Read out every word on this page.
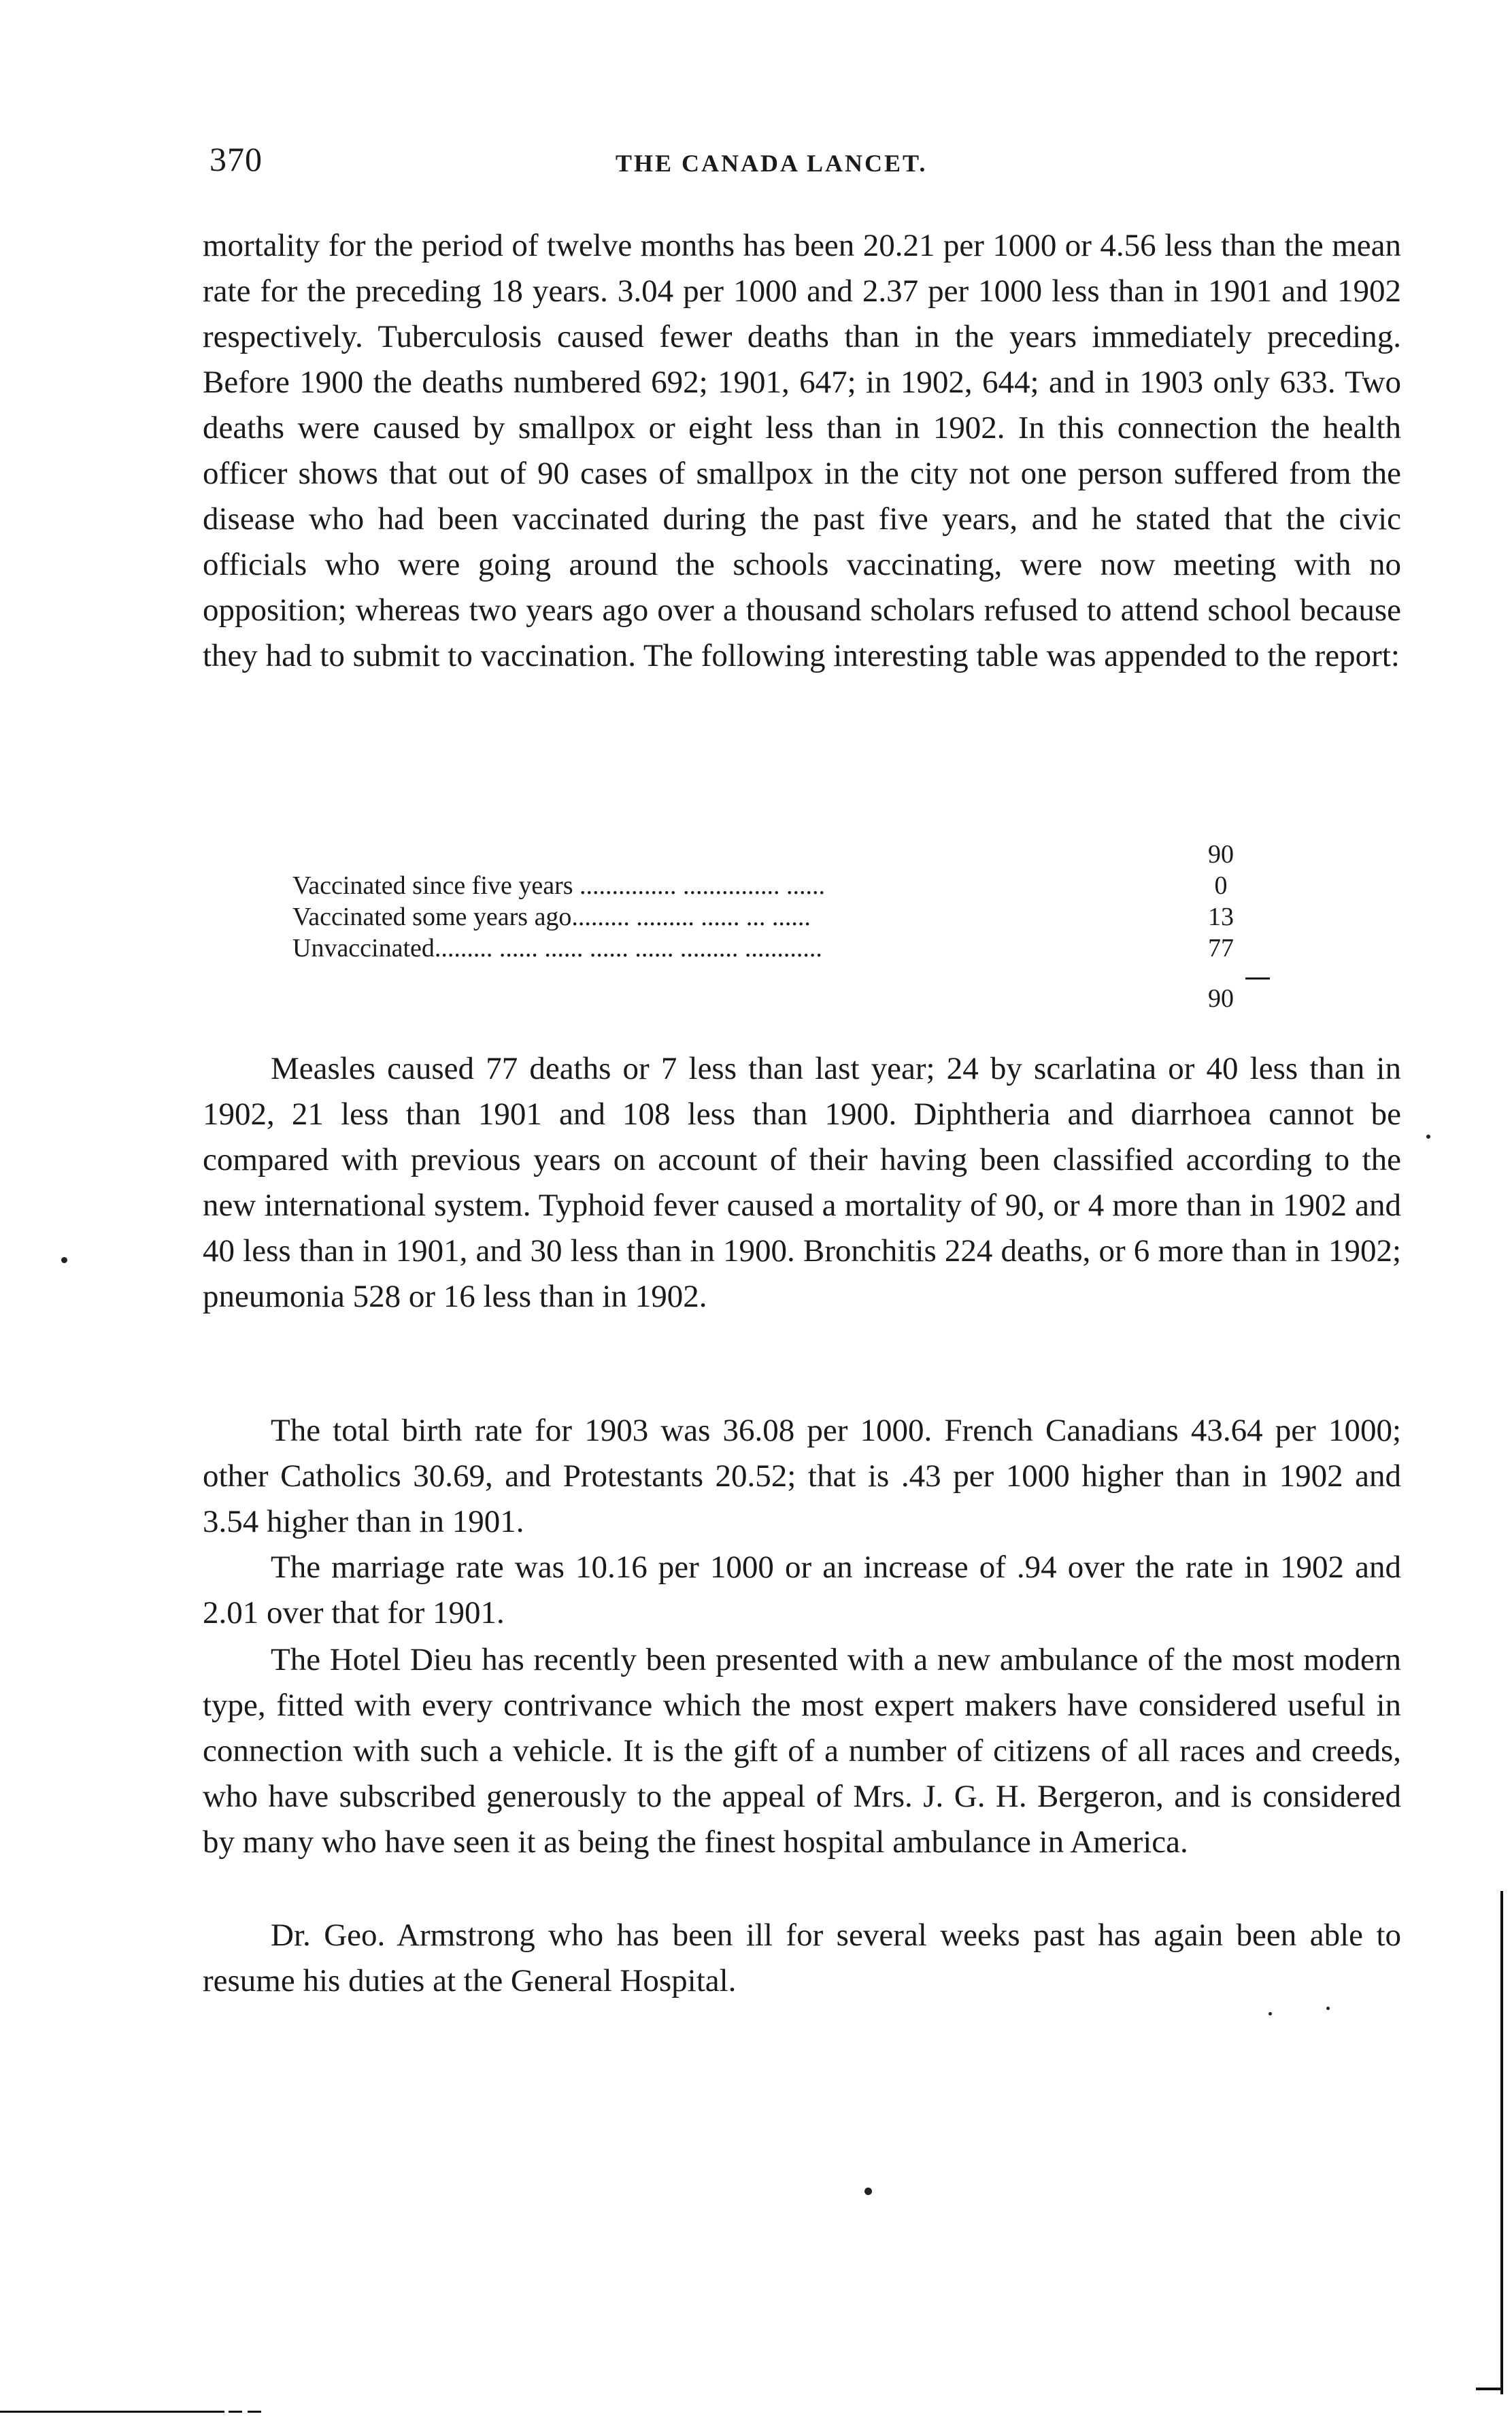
370	THE CANADA LANCET.

mortality for the period of twelve months has been 20.21 per 1000 or 4.56 less than the mean rate for the preceding 18 years. 3.04 per 1000 and 2.37 per 1000 less than in 1901 and 1902 respectively. Tuberculosis caused fewer deaths than in the years immediately preceding. Before 1900 the deaths numbered 692; 1901, 647; in 1902, 644; and in 1903 only 633. Two deaths were caused by smallpox or eight less than in 1902. In this connection the health officer shows that out of 90 cases of smallpox in the city not one person suffered from the disease who had been vaccinated during the past five years, and he stated that the civic officials who were going around the schools vaccinating, were now meeting with no opposition; whereas two years ago over a thousand scholars refused to attend school because they had to submit to vaccination. The following interesting table was appended to the report:

	90
Vaccinated since five years ............... ............... ......	0
Vaccinated some years ago......... ......... ...... ... ......	13
Unvaccinated......... ...... ...... ...... ...... ......... ............	77
	90

Measles caused 77 deaths or 7 less than last year; 24 by scarlatina or 40 less than in 1902, 21 less than 1901 and 108 less than 1900. Diphtheria and diarrhoea cannot be compared with previous years on account of their having been classified according to the new international system. Typhoid fever caused a mortality of 90, or 4 more than in 1902 and 40 less than in 1901, and 30 less than in 1900. Bronchitis 224 deaths, or 6 more than in 1902; pneumonia 528 or 16 less than in 1902.

The total birth rate for 1903 was 36.08 per 1000. French Canadians 43.64 per 1000; other Catholics 30.69, and Protestants 20.52; that is .43 per 1000 higher than in 1902 and 3.54 higher than in 1901.

The marriage rate was 10.16 per 1000 or an increase of .94 over the rate in 1902 and 2.01 over that for 1901.

The Hotel Dieu has recently been presented with a new ambulance of the most modern type, fitted with every contrivance which the most expert makers have considered useful in connection with such a vehicle. It is the gift of a number of citizens of all races and creeds, who have subscribed generously to the appeal of Mrs. J. G. H. Bergeron, and is considered by many who have seen it as being the finest hospital ambulance in America.

Dr. Geo. Armstrong who has been ill for several weeks past has again been able to resume his duties at the General Hospital.
